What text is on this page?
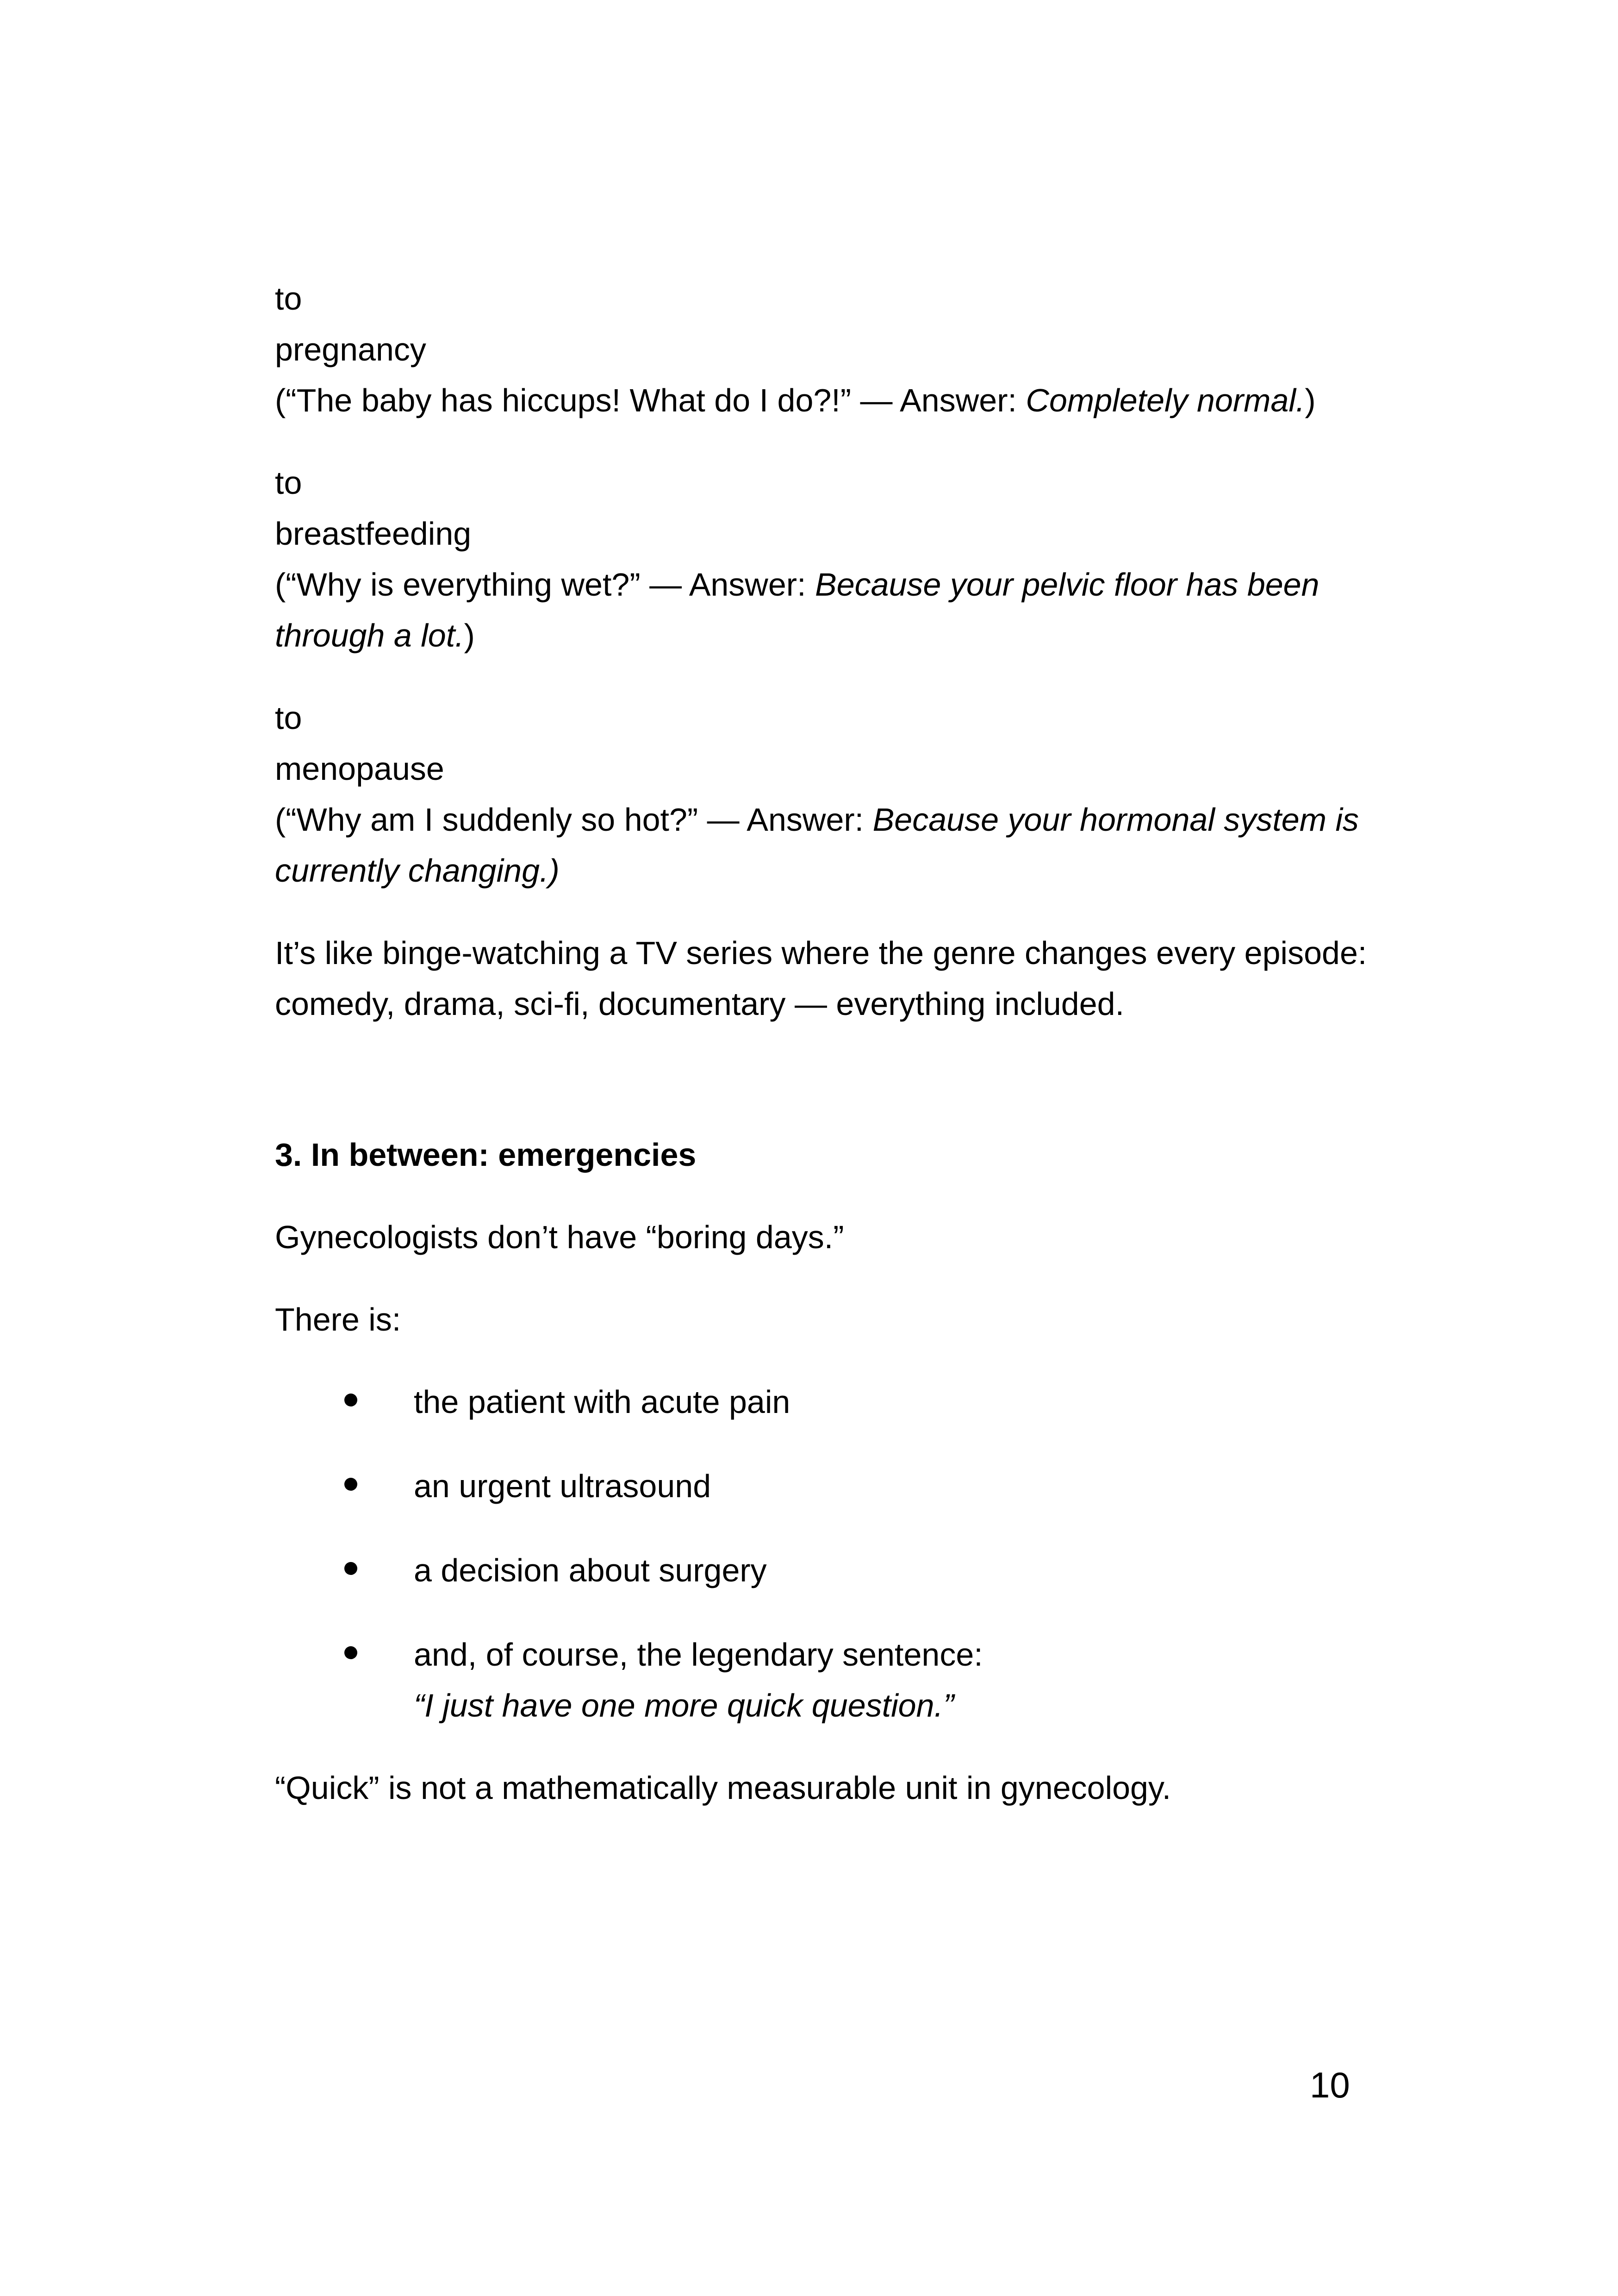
to
pregnancy

(“The baby has hiccups! What do I do?!” — Answer: Completely normal.)

to
breastfeeding

(“Why is everything wet?” — Answer: Because your pelvic floor has been through a lot.)

to
menopause

(“Why am I suddenly so hot?” — Answer: Because your hormonal system is currently changing.)

It’s like binge-watching a TV series where the genre changes every episode: comedy, drama, sci-fi, documentary — everything included.

3. In between: emergencies

Gynecologists don’t have “boring days.”

There is:

the patient with acute pain
an urgent ultrasound
a decision about surgery
and, of course, the legendary sentence:
“I just have one more quick question.”

“Quick” is not a mathematically measurable unit in gynecology.

10
